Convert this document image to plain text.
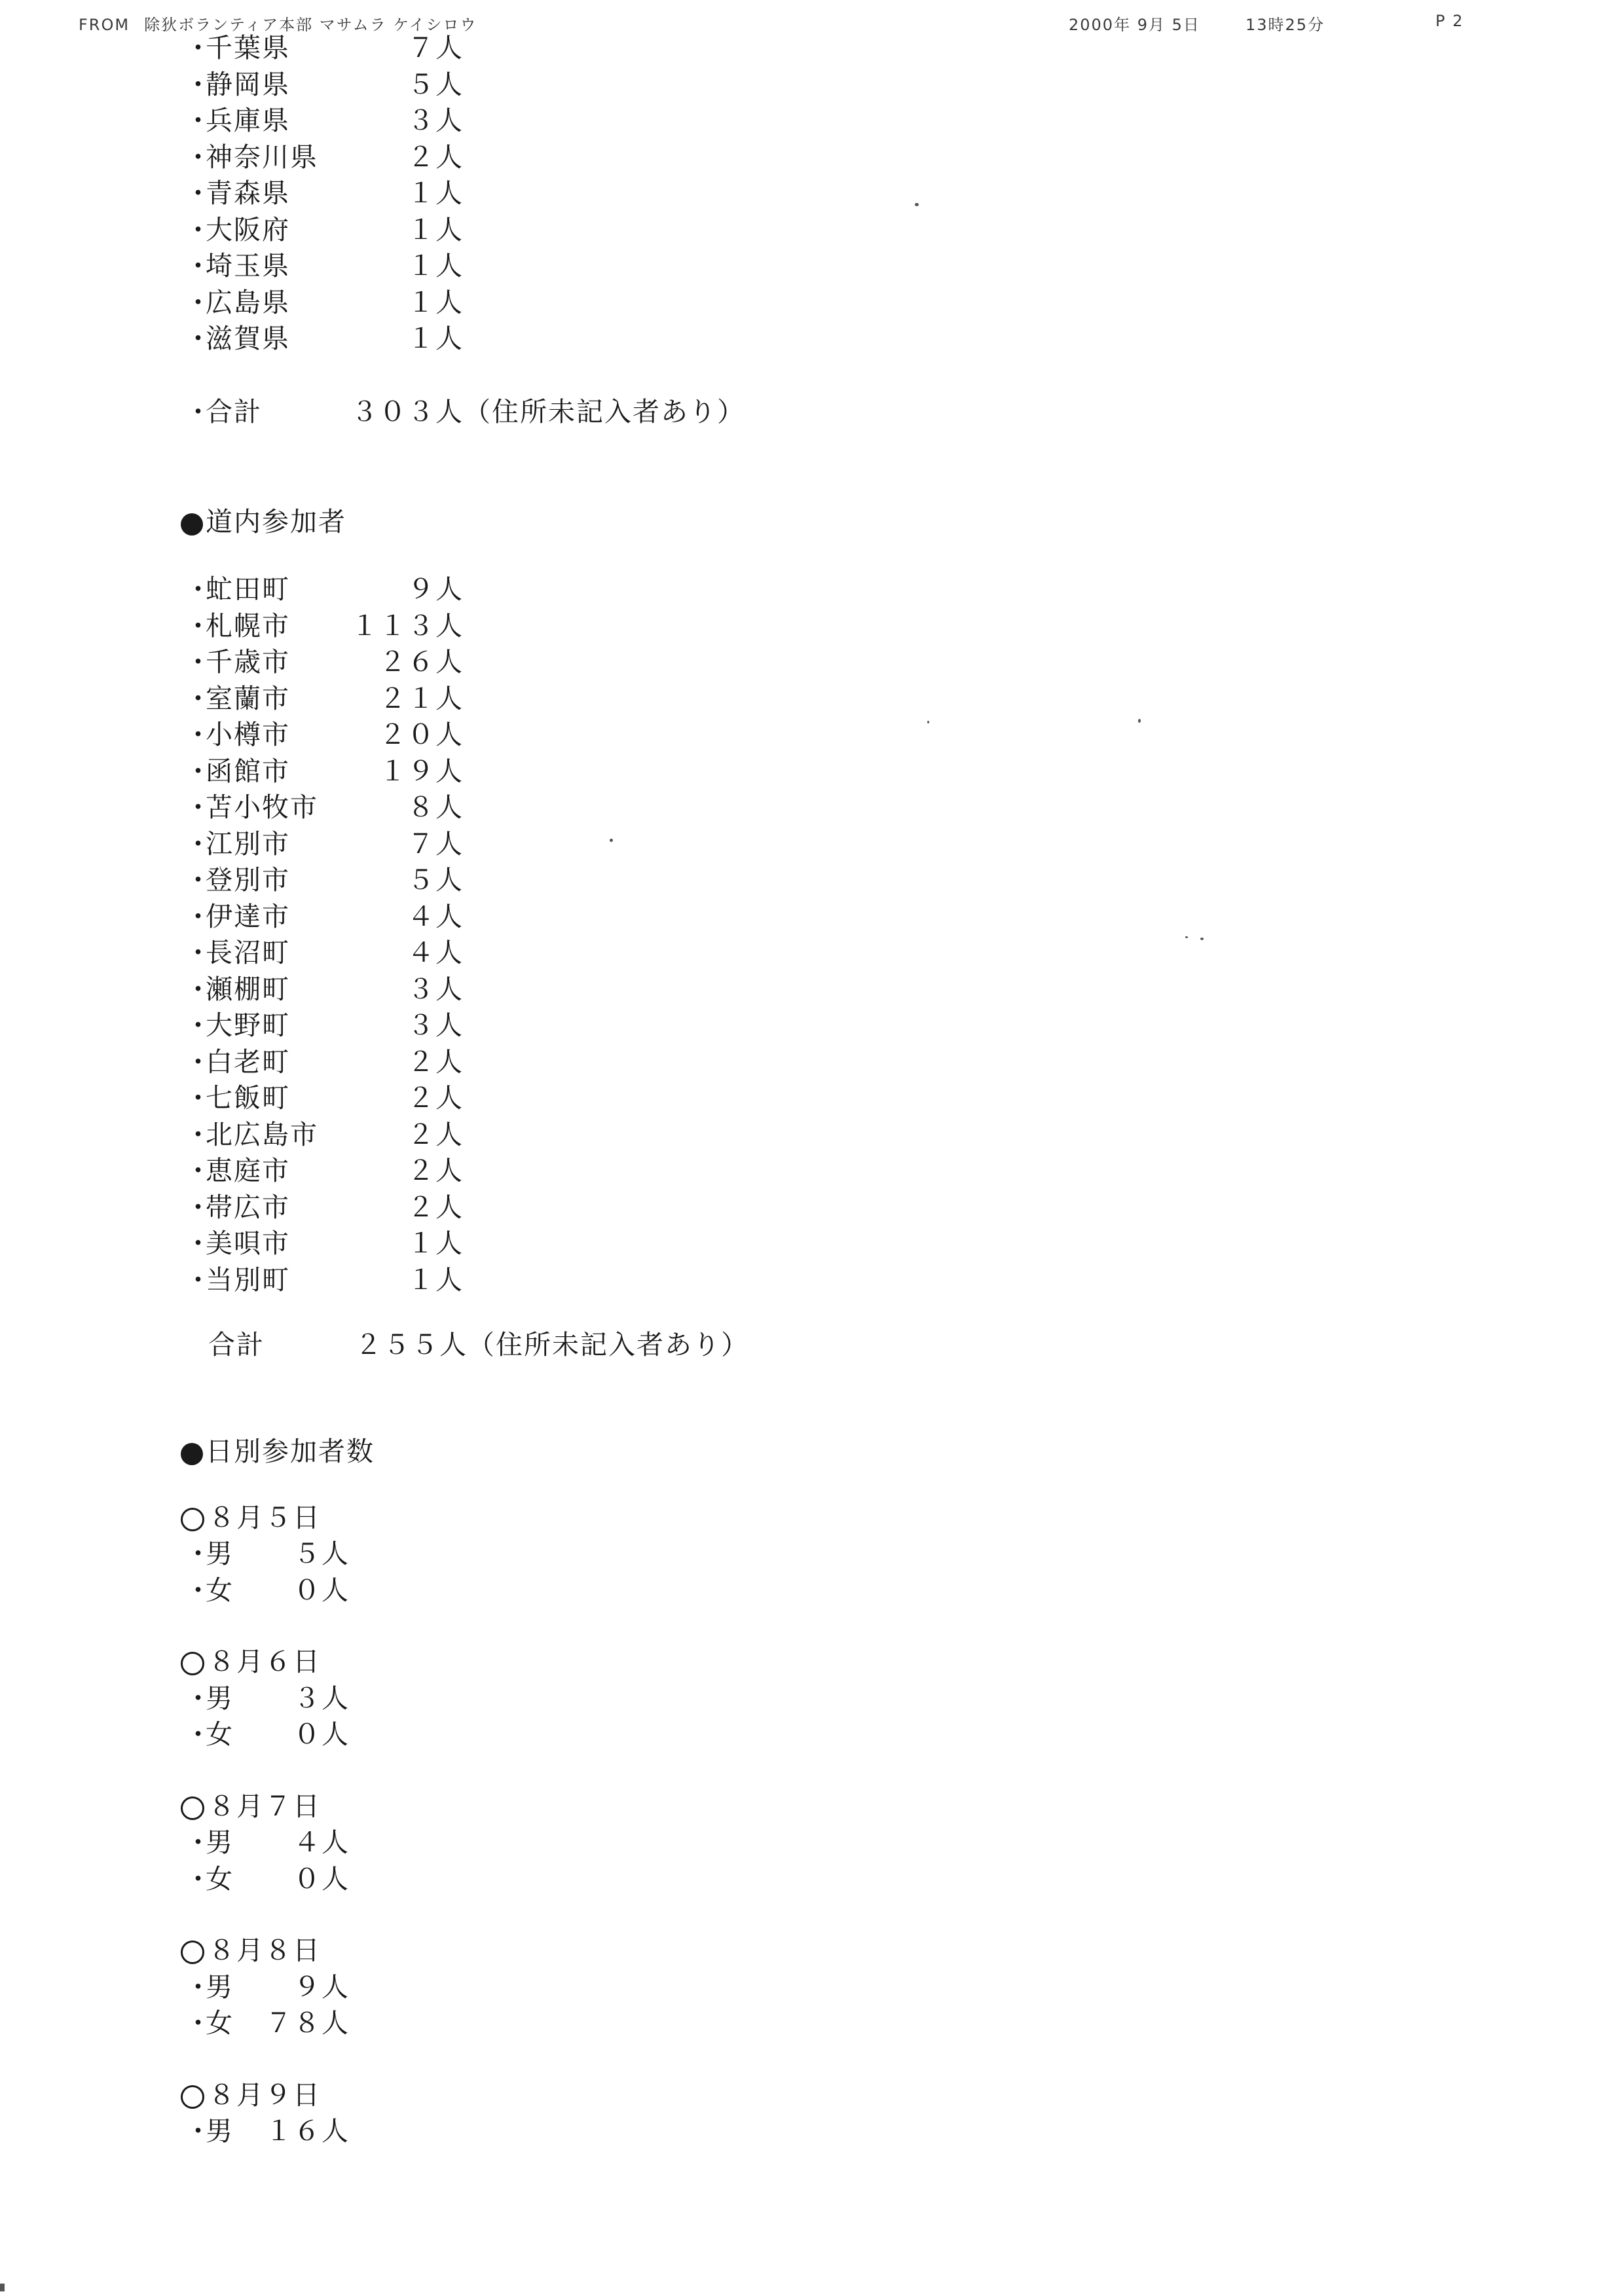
FROM 除狄ボランティア本部 マサムラ ケイシロウ	2000年 9月 5日	13時25分	P 2
・
千葉県	７人
・
静岡県	５人
・
兵庫県	３人
・
神奈川県	２人
・
青森県	１人
・
大阪府	１人
・
埼玉県	１人
・
広島県	１人
・
滋賀県	１人
・
合計	３０３人（住所未記入者あり）
道内参加者
・
虻田町	９人
・
札幌市 １１３人
・
千歳市	２６人
・
室蘭市	２１人
・
小樽市	２０人
・
函館市	１９人
・
苫小牧市	８人
・
江別市	７人
・
登別市	５人
・
伊達市	４人
・
長沼町	４人
・
瀬棚町	３人
・
大野町	３人
・
白老町	２人
・
七飯町	２人
・
北広島市	２人
・
恵庭市	２人
・
帯広市	２人
・
美唄市	１人
・
当別町	１人
合計	２５５人（住所未記入者あり）
日別参加者数
８月５日
・
男 ５人
・
女 ０人
８月６日
・
男 ３人
・
女 ０人
８月７日
・
男 ４人
・
女 ０人
８月８日
・
男 ９人
・
女 ７８人
８月９日
・
男 １６人
